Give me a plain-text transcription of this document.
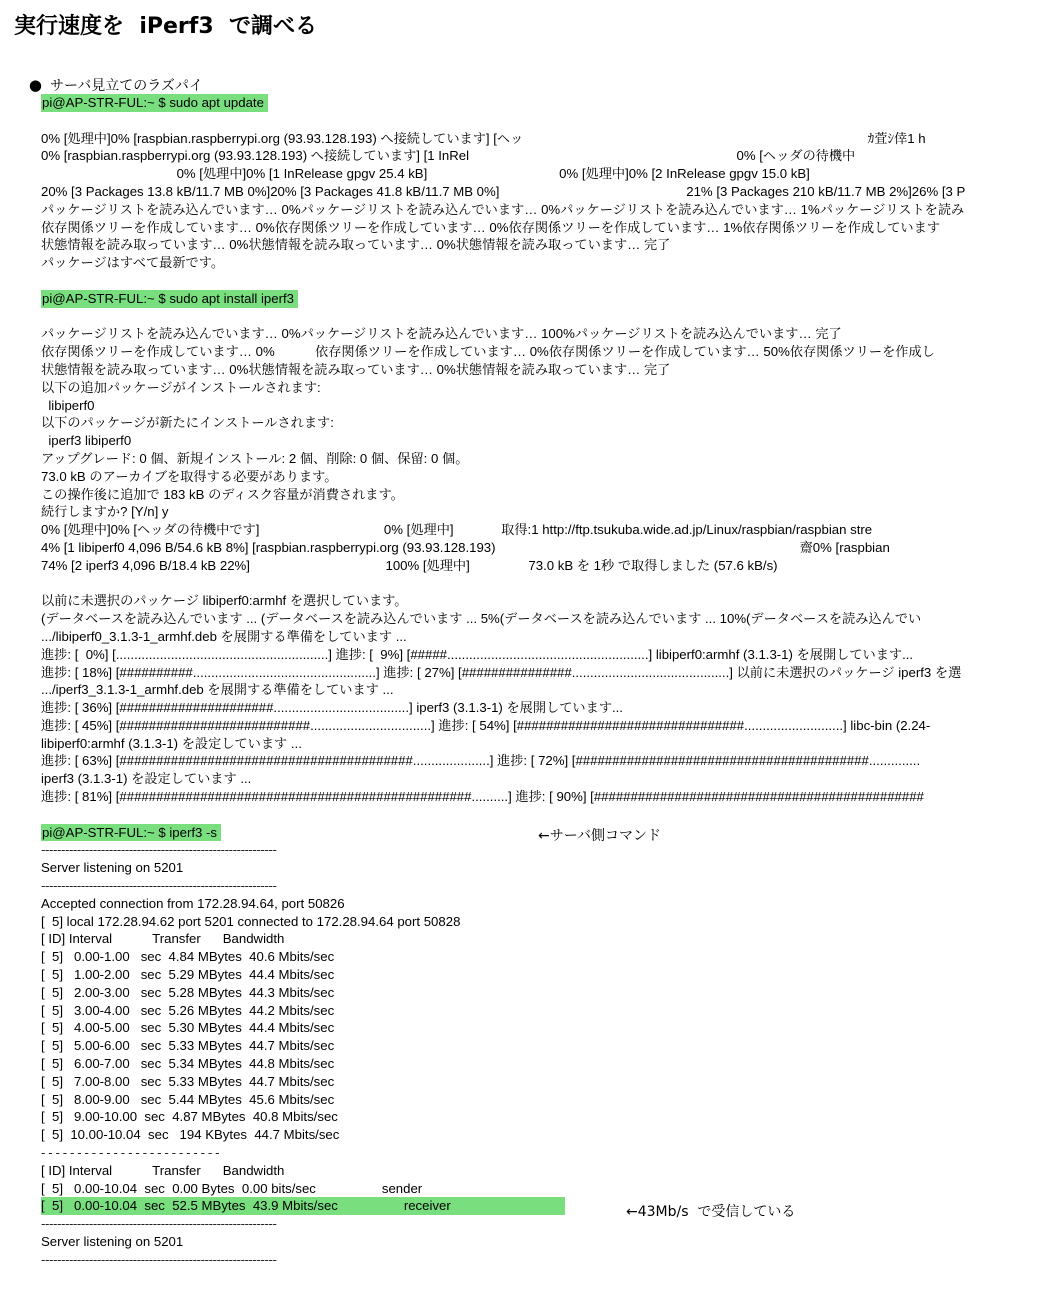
実行速度を  iPerf3  で調べる

● サーバ見立てのラズパイ

pi@AP-STR-FUL:~ $ sudo apt update
0% [処理中]0% [raspbian.raspberrypi.org (93.93.128.193) へ接続しています] [ヘッ                                                                                              ｶ萓ｼ倖1 h
0% [raspbian.raspberrypi.org (93.93.128.193) へ接続しています] [1 InRel                                                                         0% [ヘッダの待機中
0% [処理中]0% [1 InRelease gpgv 25.4 kB]                                    0% [処理中]0% [2 InRelease gpgv 15.0 kB]
20% [3 Packages 13.8 kB/11.7 MB 0%]20% [3 Packages 41.8 kB/11.7 MB 0%]                                                   21% [3 Packages 210 kB/11.7 MB 2%]26% [3 P
パッケージリストを読み込んでいます… 0%パッケージリストを読み込んでいます… 0%パッケージリストを読み込んでいます… 1%パッケージリストを読み
依存関係ツリーを作成しています… 0%依存関係ツリーを作成しています… 0%依存関係ツリーを作成しています… 1%依存関係ツリーを作成しています
状態情報を読み取っています… 0%状態情報を読み取っています… 0%状態情報を読み取っています… 完了
パッケージはすべて最新です。
pi@AP-STR-FUL:~ $ sudo apt install iperf3
パッケージリストを読み込んでいます… 0%パッケージリストを読み込んでいます… 100%パッケージリストを読み込んでいます… 完了
依存関係ツリーを作成しています… 0%           依存関係ツリーを作成しています… 0%依存関係ツリーを作成しています… 50%依存関係ツリーを作成し
状態情報を読み取っています… 0%状態情報を読み取っています… 0%状態情報を読み取っています… 完了
以下の追加パッケージがインストールされます:
libiperf0
以下のパッケージが新たにインストールされます:
iperf3 libiperf0
アップグレード: 0 個、新規インストール: 2 個、削除: 0 個、保留: 0 個。
73.0 kB のアーカイブを取得する必要があります。
この操作後に追加で 183 kB のディスク容量が消費されます。
続行しますか? [Y/n] y
0% [処理中]0% [ヘッダの待機中です]                                  0% [処理中]             取得:1 http://ftp.tsukuba.wide.ad.jp/Linux/raspbian/raspbian stre
4% [1 libiperf0 4,096 B/54.6 kB 8%] [raspbian.raspberrypi.org (93.93.128.193)                                                                                   齋0% [raspbian
74% [2 iperf3 4,096 B/18.4 kB 22%]                                     100% [処理中]                73.0 kB を 1秒 で取得しました (57.6 kB/s)
以前に未選択のパッケージ libiperf0:armhf を選択しています。
(データベースを読み込んでいます ... (データベースを読み込んでいます ... 5%(データベースを読み込んでいます ... 10%(データベースを読み込んでい
.../libiperf0_3.1.3-1_armhf.deb を展開する準備をしています ...
進捗: [  0%] [..........................................................] 進捗: [  9%] [#####.......................................................] libiperf0:armhf (3.1.3-1) を展開しています...
進捗: [ 18%] [##########..................................................] 進捗: [ 27%] [###############...........................................] 以前に未選択のパッケージ iperf3 を選
.../iperf3_3.1.3-1_armhf.deb を展開する準備をしています ...
進捗: [ 36%] [#####################.....................................] iperf3 (3.1.3-1) を展開しています...
進捗: [ 45%] [##########################.................................] 進捗: [ 54%] [###############################...........................] libc-bin (2.24-
libiperf0:armhf (3.1.3-1) を設定しています ...
進捗: [ 63%] [########################################.....................] 進捗: [ 72%] [########################################..............
iperf3 (3.1.3-1) を設定しています ...
進捗: [ 81%] [################################################..........] 進捗: [ 90%] [#############################################
pi@AP-STR-FUL:~ $ iperf3 -s
-----------------------------------------------------------
Server listening on 5201
-----------------------------------------------------------
Accepted connection from 172.28.94.64, port 50826
[  5] local 172.28.94.62 port 5201 connected to 172.28.94.64 port 50828
[ ID] Interval           Transfer      Bandwidth
[  5]   0.00-1.00   sec  4.84 MBytes  40.6 Mbits/sec
[  5]   1.00-2.00   sec  5.29 MBytes  44.4 Mbits/sec
[  5]   2.00-3.00   sec  5.28 MBytes  44.3 Mbits/sec
[  5]   3.00-4.00   sec  5.26 MBytes  44.2 Mbits/sec
[  5]   4.00-5.00   sec  5.30 MBytes  44.4 Mbits/sec
[  5]   5.00-6.00   sec  5.33 MBytes  44.7 Mbits/sec
[  5]   6.00-7.00   sec  5.34 MBytes  44.8 Mbits/sec
[  5]   7.00-8.00   sec  5.33 MBytes  44.7 Mbits/sec
[  5]   8.00-9.00   sec  5.44 MBytes  45.6 Mbits/sec
[  5]   9.00-10.00  sec  4.87 MBytes  40.8 Mbits/sec
[  5]  10.00-10.04  sec   194 KBytes  44.7 Mbits/sec
- - - - - - - - - - - - - - - - - - - - - - - - -
[ ID] Interval           Transfer      Bandwidth
[  5]   0.00-10.04  sec  0.00 Bytes  0.00 bits/sec                  sender
[  5]   0.00-10.04  sec  52.5 MBytes  43.9 Mbits/sec                  receiver
-----------------------------------------------------------
Server listening on 5201
-----------------------------------------------------------
←サーバ側コマンド
←43Mb/s  で受信している
